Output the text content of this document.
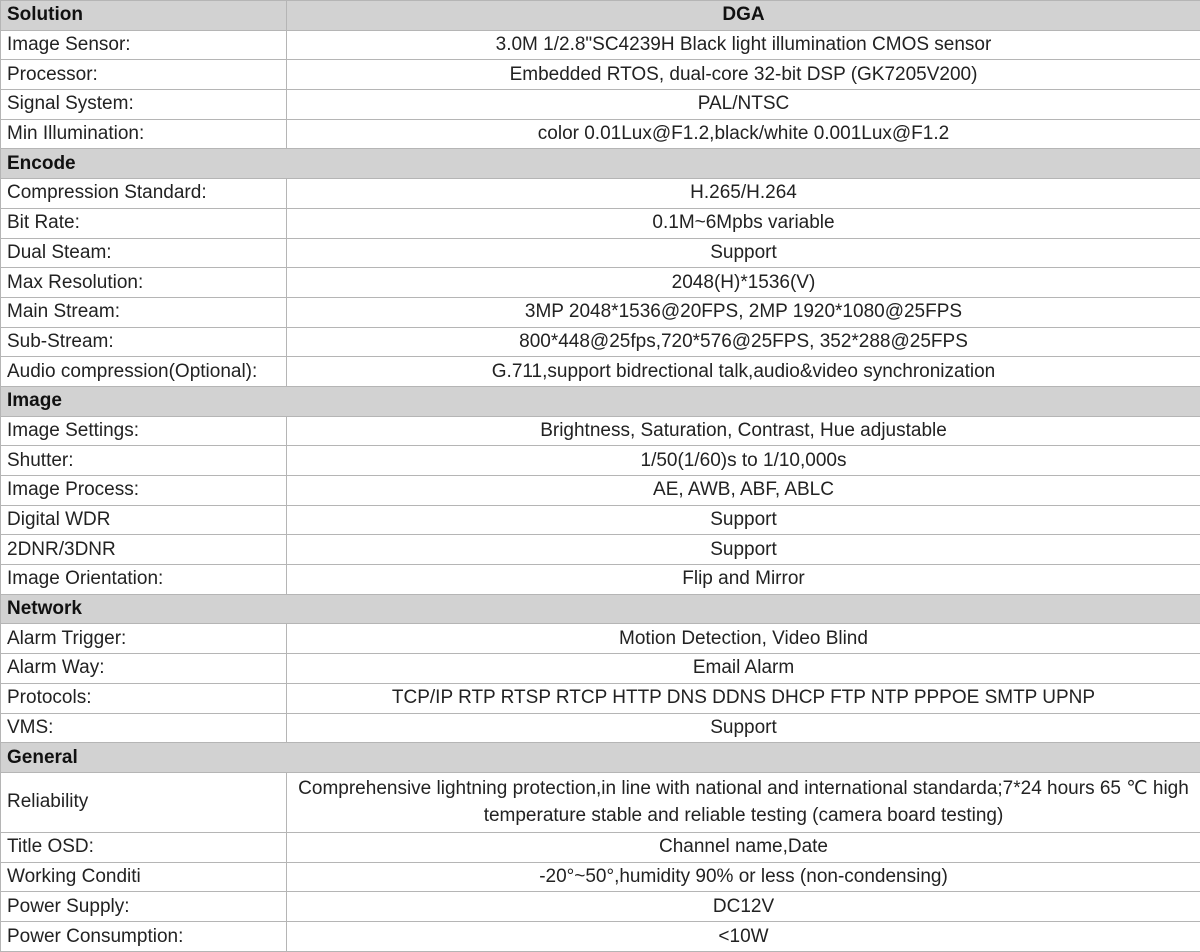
Solution	DGA
Image Sensor:	3.0M 1/2.8"SC4239H Black light illumination CMOS sensor
Processor:	Embedded RTOS, dual-core 32-bit DSP (GK7205V200)
Signal System:	PAL/NTSC
Min Illumination:	color 0.01Lux@F1.2,black/white 0.001Lux@F1.2
Encode	
Compression Standard:	H.265/H.264
Bit Rate:	0.1M~6Mpbs variable
Dual Steam:	Support
Max Resolution:	2048(H)*1536(V)
Main Stream:	3MP 2048*1536@20FPS, 2MP 1920*1080@25FPS
Sub-Stream:	800*448@25fps,720*576@25FPS, 352*288@25FPS
Audio compression(Optional):	G.711,support bidrectional talk,audio&video synchronization
Image	
Image Settings:	Brightness, Saturation, Contrast, Hue adjustable
Shutter:	1/50(1/60)s to 1/10,000s
Image Process:	AE, AWB, ABF, ABLC
Digital WDR	Support
2DNR/3DNR	Support
Image Orientation:	Flip and Mirror
Network	
Alarm Trigger:	Motion Detection, Video Blind
Alarm Way:	Email Alarm
Protocols:	TCP/IP RTP RTSP RTCP HTTP DNS DDNS DHCP FTP NTP PPPOE SMTP UPNP
VMS:	Support
General	
Reliability	Comprehensive lightning protection,in line with national and international standarda;7*24 hours 65 ℃ high temperature stable and reliable testing (camera board testing)
Title OSD:	Channel name,Date
Working Conditi	-20°~50°,humidity 90% or less (non-condensing)
Power Supply:	DC12V
Power Consumption:	<10W
